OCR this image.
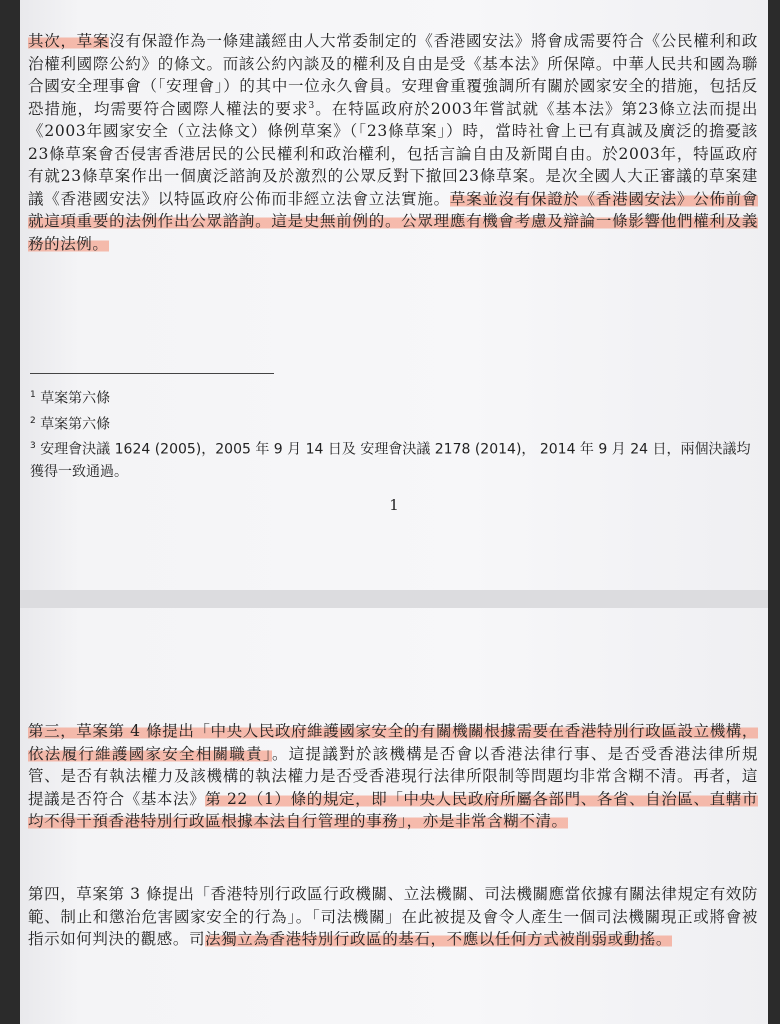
其次，草案沒有保證作為一條建議經由人大常委制定的《香港國安法》將會成需要符合《公民權利和政治權利國際公約》的條文。而該公約內談及的權利及自由是受《基本法》所保障。中華人民共和國為聯合國安全理事會（「安理會」）的其中一位永久會員。安理會重覆強調所有關於國家安全的措施，包括反恐措施，均需要符合國際人權法的要求$^3$。在特區政府於2003年嘗試就《基本法》第23條立法而提出《2003年國家安全（立法條文）條例草案》（「23條草案」）時，當時社會上已有真誠及廣泛的擔憂該23條草案會否侵害香港居民的公民權利和政治權利，包括言論自由及新聞自由。於2003年，特區政府有就23條草案作出一個廣泛諮詢及於激烈的公眾反對下撤回23條草案。是次全國人大正審議的草案建議《香港國安法》以特區政府公佈而非經立法會立法實施。草案並沒有保證於《香港國安法》公佈前會就這項重要的法例作出公眾諮詢。這是史無前例的。公眾理應有機會考慮及辯論一條影響他們權利及義務的法例。

$^1$ 草案第六條

$^2$ 草案第六條

$^3$ 安理會決議 1624 (2005)，2005 年 9 月 14 日及 安理會決議 2178 (2014)， 2014 年 9 月 24 日，兩個決議均獲得一致通過。

1

第三，草案第 4 條提出「中央人民政府維護國家安全的有關機關根據需要在香港特別行政區設立機構，依法履行維護國家安全相關職責」。這提議對於該機構是否會以香港法律行事、是否受香港法律所規管、是否有執法權力及該機構的執法權力是否受香港現行法律所限制等問題均非常含糊不清。再者，這提議是否符合《基本法》第 22（1）條的規定，即「中央人民政府所屬各部門、各省、自治區、直轄市均不得干預香港特別行政區根據本法自行管理的事務」，亦是非常含糊不清。

第四，草案第 3 條提出「香港特別行政區行政機關、立法機關、司法機關應當依據有關法律規定有效防範、制止和懲治危害國家安全的行為」。「司法機關」在此被提及會令人產生一個司法機關現正或將會被指示如何判決的觀感。司法獨立為香港特別行政區的基石，不應以任何方式被削弱或動搖。
